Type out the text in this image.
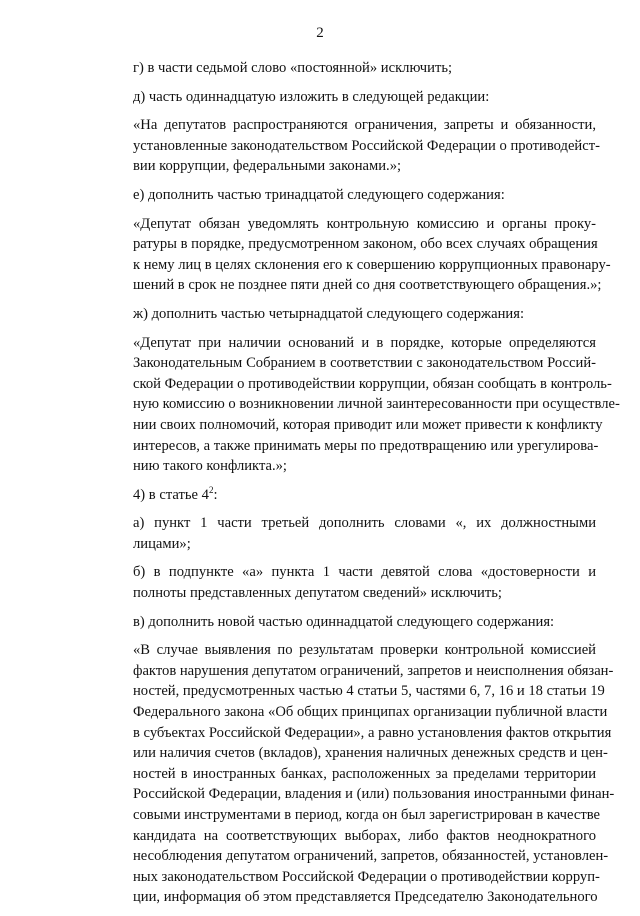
2
г) в части седьмой слово «постоянной» исключить;
д) часть одиннадцатую изложить в следующей редакции:
«На депутатов распространяются ограничения, запреты и обязанности,
установленные законодательством Российской Федерации о противодейст-
вии коррупции, федеральными законами.»;
е) дополнить частью тринадцатой следующего содержания:
«Депутат обязан уведомлять контрольную комиссию и органы проку-
ратуры в порядке, предусмотренном законом, обо всех случаях обращения
к нему лиц в целях склонения его к совершению коррупционных правонару-
шений в срок не позднее пяти дней со дня соответствующего обращения.»;
ж) дополнить частью четырнадцатой следующего содержания:
«Депутат при наличии оснований и в порядке, которые определяются
Законодательным Собранием в соответствии с законодательством Россий-
ской Федерации о противодействии коррупции, обязан сообщать в контроль-
ную комиссию о возникновении личной заинтересованности при осуществле-
нии своих полномочий, которая приводит или может привести к конфликту
интересов, а также принимать меры по предотвращению или урегулирова-
нию такого конфликта.»;
4) в статье $4^2$:
а) пункт 1 части третьей дополнить словами «, их должностными
лицами»;
б) в подпункте «а» пункта 1 части девятой слова «достоверности и
полноты представленных депутатом сведений» исключить;
в) дополнить новой частью одиннадцатой следующего содержания:
«В случае выявления по результатам проверки контрольной комиссией
фактов нарушения депутатом ограничений, запретов и неисполнения обязан-
ностей, предусмотренных частью 4 статьи 5, частями 6, 7, 16 и 18 статьи 19
Федерального закона «Об общих принципах организации публичной власти
в субъектах Российской Федерации», а равно установления фактов открытия
или наличия счетов (вкладов), хранения наличных денежных средств и цен-
ностей в иностранных банках, расположенных за пределами территории
Российской Федерации, владения и (или) пользования иностранными финан-
совыми инструментами в период, когда он был зарегистрирован в качестве
кандидата на соответствующих выборах, либо фактов неоднократного
несоблюдения депутатом ограничений, запретов, обязанностей, установлен-
ных законодательством Российской Федерации о противодействии корруп-
ции, информация об этом представляется Председателю Законодательного
